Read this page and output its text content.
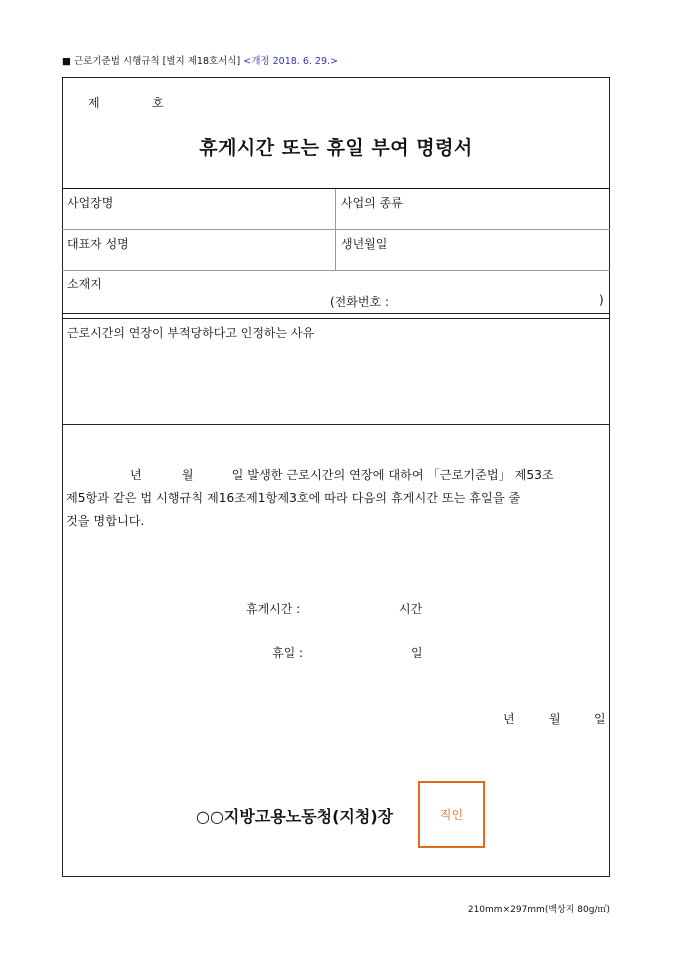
■ 근로기준법 시행규칙 [별지 제18호서식] <개정 2018. 6. 29.>
제	호
휴게시간 또는 휴일 부여 명령서
사업장명	사업의 종류
대표자 성명	생년월일
소재지
(전화번호 :	)
근로시간의 연장이 부적당하다고 인정하는 사유

년	월	일 발생한 근로시간의 연장에 대하여 「근로기준법」 제53조

제5항과 같은 법 시행규칙 제16조제1항제3호에 따라 다음의 휴게시간 또는 휴일을 줄

것을 명합니다.

휴게시간 :	시간
휴일 :	일
년	월	일
○○지방고용노동청(지청)장	직인
210mm×297mm(백상지 80g/㎡)
